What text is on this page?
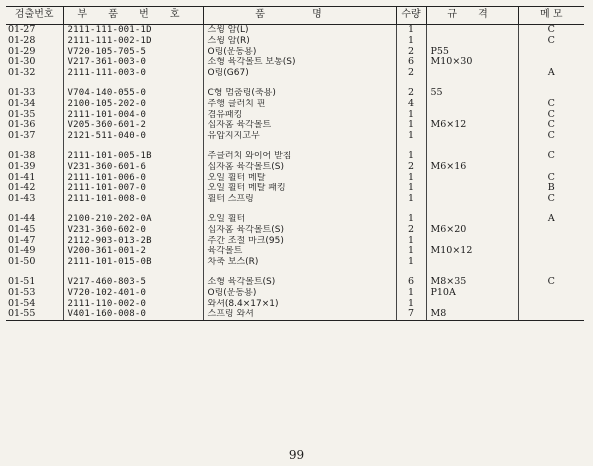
검출번호	부 품 번 호	품 명	수량	규 격	메 모
01-27	2111-111-001-1D	스윙 암(L)	1		C
01-28	2111-111-002-1D	스윙 암(R)	1		C
01-29	V720-105-705-5	O링(운동용)	2	P55	
01-30	V217-361-003-0	소형 육각볼트 보통(S)	6	M10×30	
01-32	2111-111-003-0	O링(G67)	2		A

01-33	V704-140-055-0	C형 멈춤링(축용)	2	55	
01-34	2100-105-202-0	주행 클러치 핀	4		C
01-35	2111-101-004-0	겸유패킹	1		C
01-36	V205-360-601-2	십자홈 육각볼트	1	M6×12	C
01-37	2121-511-040-0	유압지지고무	1		C

01-38	2111-101-005-1B	주클러치 와이어 받침	1		C
01-39	V231-360-601-6	십자홈 육각볼트(S)	2	M6×16	
01-41	2111-101-006-0	오일 휠터 메탈	1		C
01-42	2111-101-007-0	오일 휠터 메탈 패킹	1		B
01-43	2111-101-008-0	휠터 스프링	1		C

01-44	2100-210-202-0A	오일 휠터	1		A
01-45	V231-360-602-0	십자홈 육각볼트(S)	2	M6×20	
01-47	2112-903-013-2B	주간 조절 마크(95)	1		
01-49	V200-361-001-2	육각볼트	1	M10×12	
01-50	2111-101-015-0B	차축 보스(R)	1		

01-51	V217-460-803-5	소형 육각볼트(S)	6	M8×35	C
01-53	V720-102-401-0	O링(운동용)	1	P10A	
01-54	2111-110-002-0	와셔(8.4×17×1)	1		
01-55	V401-160-008-0	스프링 와셔	7	M8	
99
